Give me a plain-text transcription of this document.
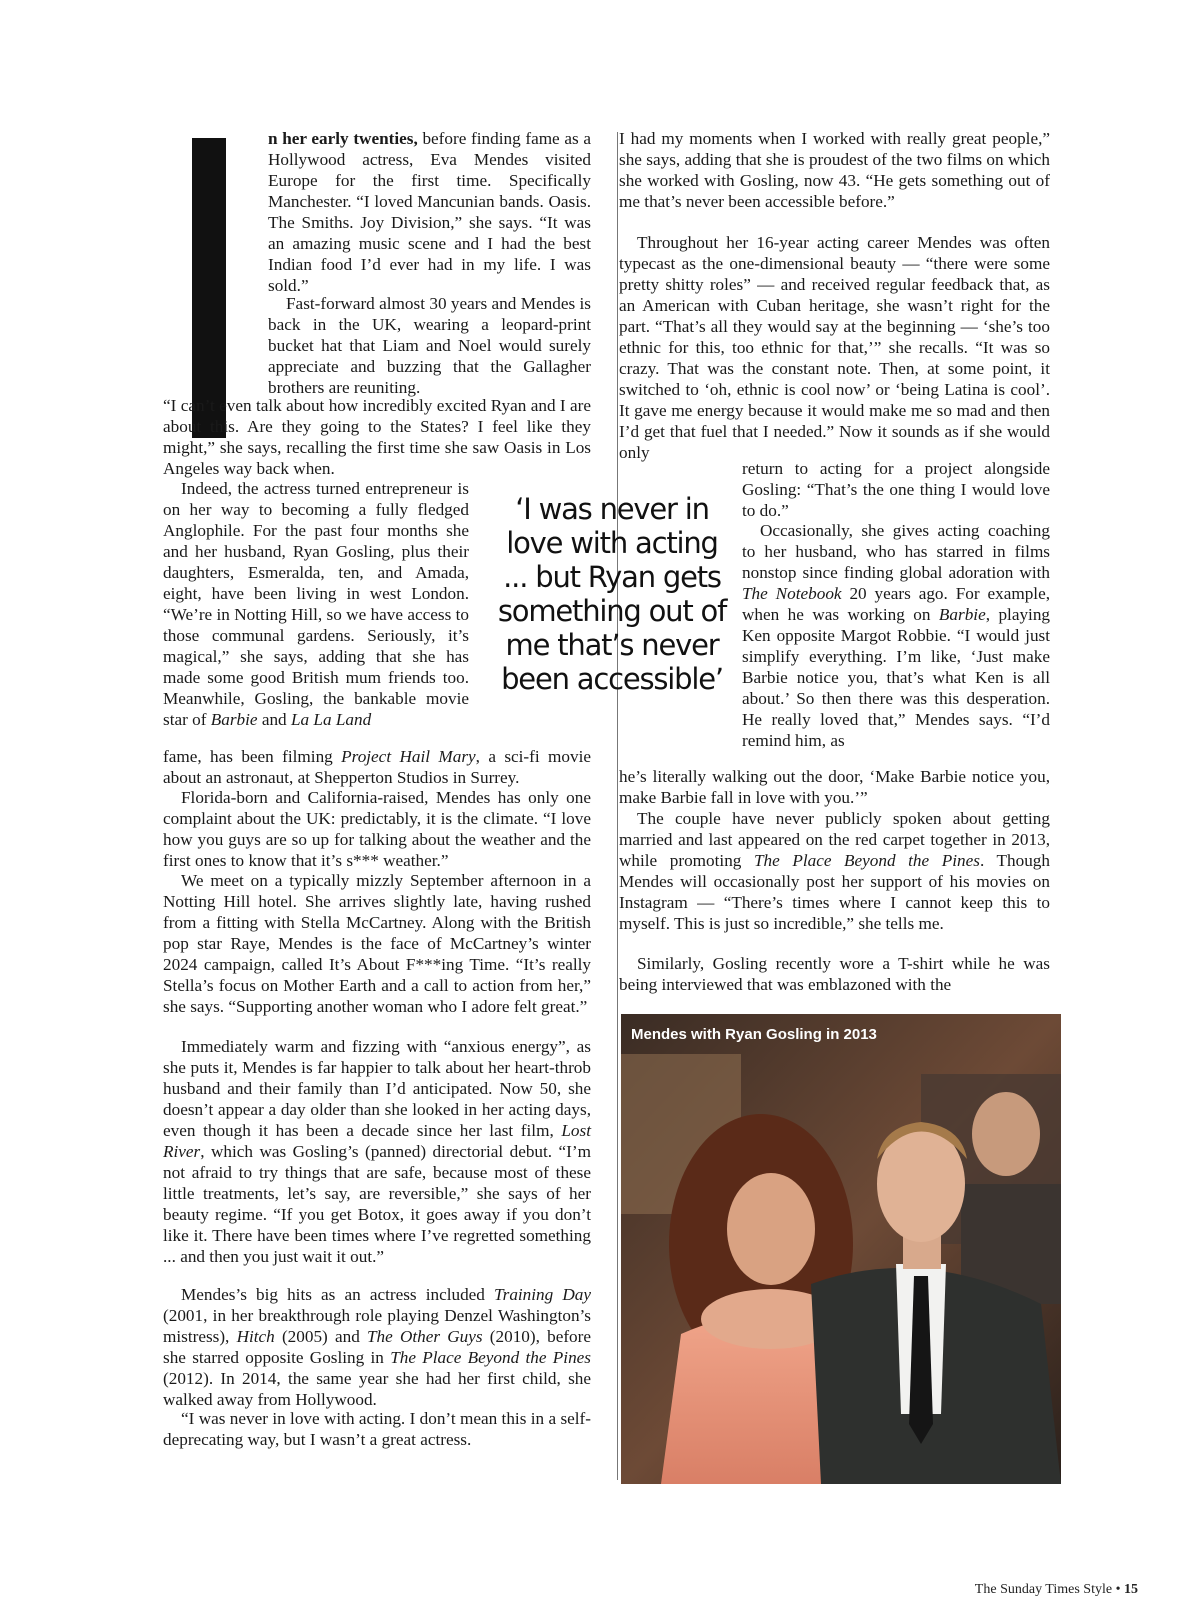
n her early twenties, before finding fame as a Hollywood actress, Eva Mendes visited Europe for the first time. Specifically Manchester. “I loved Mancunian bands. Oasis. The Smiths. Joy Division,” she says. “It was an amazing music scene and I had the best Indian food I’d ever had in my life. I was sold.”

Fast-forward almost 30 years and Mendes is back in the UK, wearing a leopard-print bucket hat that Liam and Noel would surely appreciate and buzzing that the Gallagher brothers are reuniting.

“I can’t even talk about how incredibly excited Ryan and I are about this. Are they going to the States? I feel like they might,” she says, recalling the first time she saw Oasis in Los Angeles way back when.

Indeed, the actress turned entrepreneur is on her way to becoming a fully fledged Anglophile. For the past four months she and her husband, Ryan Gosling, plus their daughters, Esmeralda, ten, and Amada, eight, have been living in west London. “We’re in Notting Hill, so we have access to those communal gardens. Seriously, it’s magical,” she says, adding that she has made some good British mum friends too. Meanwhile, Gosling, the bankable movie star of Barbie and La La Land

fame, has been filming Project Hail Mary, a sci-fi movie about an astronaut, at Shepperton Studios in Surrey.

Florida-born and California-raised, Mendes has only one complaint about the UK: predictably, it is the climate. “I love how you guys are so up for talking about the weather and the first ones to know that it’s s*** weather.”

We meet on a typically mizzly September afternoon in a Notting Hill hotel. She arrives slightly late, having rushed from a fitting with Stella McCartney. Along with the British pop star Raye, Mendes is the face of McCartney’s winter 2024 campaign, called It’s About F***ing Time. “It’s really Stella’s focus on Mother Earth and a call to action from her,” she says. “Supporting another woman who I adore felt great.”

Immediately warm and fizzing with “anxious energy”, as she puts it, Mendes is far happier to talk about her heart-throb husband and their family than I’d anticipated. Now 50, she doesn’t appear a day older than she looked in her acting days, even though it has been a decade since her last film, Lost River, which was Gosling’s (panned) directorial debut. “I’m not afraid to try things that are safe, because most of these little treatments, let’s say, are reversible,” she says of her beauty regime. “If you get Botox, it goes away if you don’t like it. There have been times where I’ve regretted something ... and then you just wait it out.”

Mendes’s big hits as an actress included Training Day (2001, in her breakthrough role playing Denzel Washington’s mistress), Hitch (2005) and The Other Guys (2010), before she starred opposite Gosling in The Place Beyond the Pines (2012). In 2014, the same year she had her first child, she walked away from Hollywood.

“I was never in love with acting. I don’t mean this in a self-deprecating way, but I wasn’t a great actress.

‘I was never in love with acting ... but Ryan gets something out of me that’s never been accessible’

I had my moments when I worked with really great people,” she says, adding that she is proudest of the two films on which she worked with Gosling, now 43. “He gets something out of me that’s never been accessible before.”

Throughout her 16-year acting career Mendes was often typecast as the one-dimensional beauty — “there were some pretty shitty roles” — and received regular feedback that, as an American with Cuban heritage, she wasn’t right for the part. “That’s all they would say at the beginning — ‘she’s too ethnic for this, too ethnic for that,’” she recalls. “It was so crazy. That was the constant note. Then, at some point, it switched to ‘oh, ethnic is cool now’ or ‘being Latina is cool’. It gave me energy because it would make me so mad and then I’d get that fuel that I needed.” Now it sounds as if she would only

return to acting for a project alongside Gosling: “That’s the one thing I would love to do.”

Occasionally, she gives acting coaching to her husband, who has starred in films nonstop since finding global adoration with The Notebook 20 years ago. For example, when he was working on Barbie, playing Ken opposite Margot Robbie. “I would just simplify everything. I’m like, ‘Just make Barbie notice you, that’s what Ken is all about.’ So then there was this desperation. He really loved that,” Mendes says. “I’d remind him, as

he’s literally walking out the door, ‘Make Barbie notice you, make Barbie fall in love with you.’”

The couple have never publicly spoken about getting married and last appeared on the red carpet together in 2013, while promoting The Place Beyond the Pines. Though Mendes will occasionally post her support of his movies on Instagram — “There’s times where I cannot keep this to myself. This is just so incredible,” she tells me.

Similarly, Gosling recently wore a T-shirt while he was being interviewed that was emblazoned with the

Mendes with Ryan Gosling in 2013
The Sunday Times Style • 15
